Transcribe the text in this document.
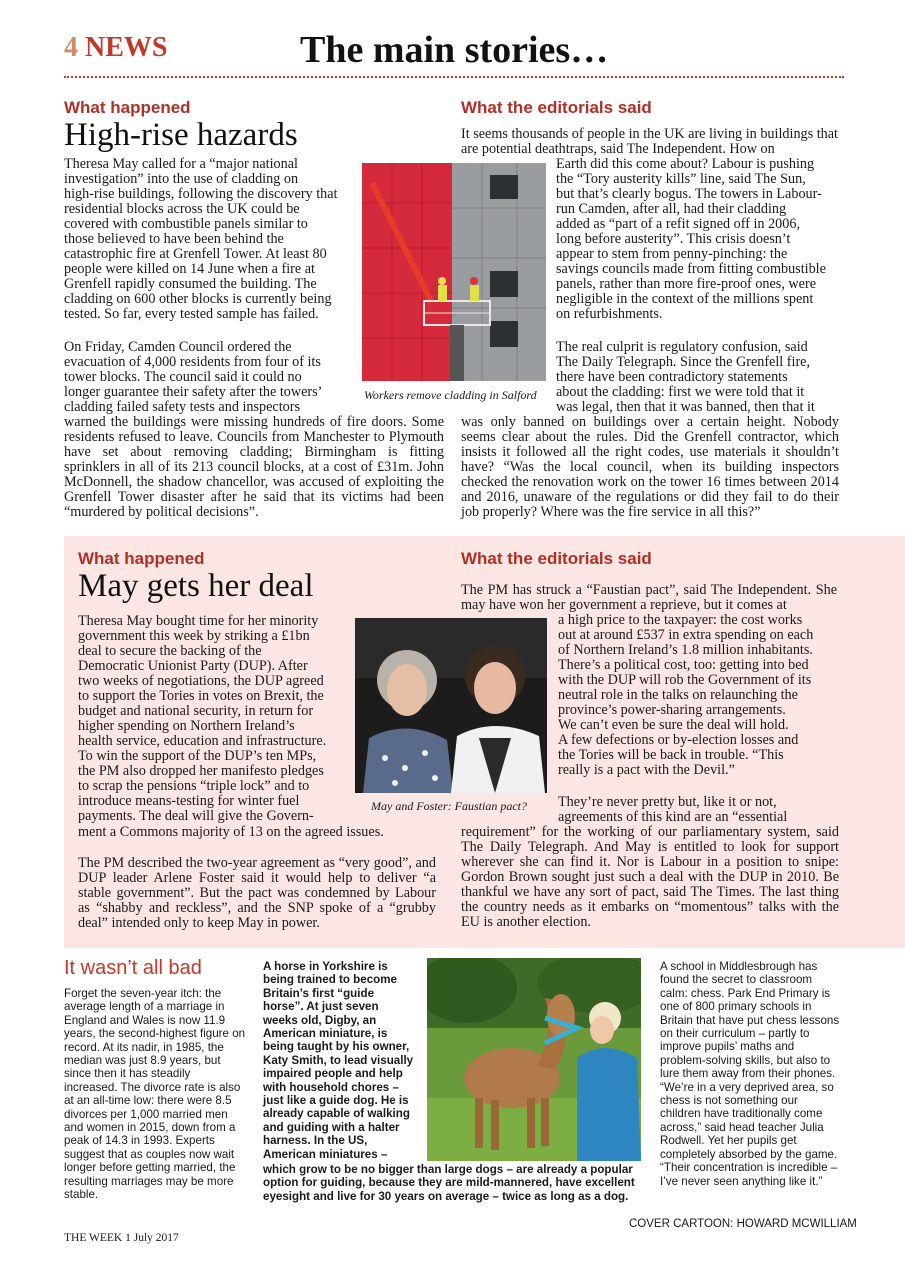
4 NEWS	The main stories…
What happened
High-rise hazards
Theresa May called for a “major national
investigation” into the use of cladding on
high-rise buildings, following the discovery that
residential blocks across the UK could be
covered with combustible panels similar to
those believed to have been behind the
catastrophic fire at Grenfell Tower. At least 80
people were killed on 14 June when a fire at
Grenfell rapidly consumed the building. The
cladding on 600 other blocks is currently being
tested. So far, every tested sample has failed.
On Friday, Camden Council ordered the
evacuation of 4,000 residents from four of its
tower blocks. The council said it could no
longer guarantee their safety after the towers’
cladding failed safety tests and inspectors
warned the buildings were missing hundreds of fire doors. Some residents refused to leave. Councils from Manchester to Plymouth have set about removing cladding; Birmingham is fitting sprinklers in all of its 213 council blocks, at a cost of £31m. John McDonnell, the shadow chancellor, was accused of exploiting the Grenfell Tower disaster after he said that its victims had been “murdered by political decisions”.
Workers remove cladding in Salford
What the editorials said
It seems thousands of people in the UK are living in buildings that are potential deathtraps, said The Independent. How on
Earth did this come about? Labour is pushing
the “Tory austerity kills” line, said The Sun,
but that’s clearly bogus. The towers in Labour-
run Camden, after all, had their cladding
added as “part of a refit signed off in 2006,
long before austerity”. This crisis doesn’t
appear to stem from penny-pinching: the
savings councils made from fitting combustible
panels, rather than more fire-proof ones, were
negligible in the context of the millions spent
on refurbishments.
The real culprit is regulatory confusion, said
The Daily Telegraph. Since the Grenfell fire,
there have been contradictory statements
about the cladding: first we were told that it
was legal, then that it was banned, then that it
was only banned on buildings over a certain height. Nobody seems clear about the rules. Did the Grenfell contractor, which insists it followed all the right codes, use materials it shouldn’t have? “Was the local council, when its building inspectors checked the renovation work on the tower 16 times between 2014 and 2016, unaware of the regulations or did they fail to do their job properly? Where was the fire service in all this?”
What happened
May gets her deal
Theresa May bought time for her minority
government this week by striking a £1bn
deal to secure the backing of the
Democratic Unionist Party (DUP). After
two weeks of negotiations, the DUP agreed
to support the Tories in votes on Brexit, the
budget and national security, in return for
higher spending on Northern Ireland’s
health service, education and infrastructure.
To win the support of the DUP’s ten MPs,
the PM also dropped her manifesto pledges
to scrap the pensions “triple lock” and to
introduce means-testing for winter fuel
payments. The deal will give the Govern-
ment a Commons majority of 13 on the agreed issues.
The PM described the two-year agreement as “very good”, and DUP leader Arlene Foster said it would help to deliver “a stable government”. But the pact was condemned by Labour as “shabby and reckless”, and the SNP spoke of a “grubby deal” intended only to keep May in power.
May and Foster: Faustian pact?
What the editorials said
The PM has struck a “Faustian pact”, said The Independent. She may have won her government a reprieve, but it comes at
a high price to the taxpayer: the cost works
out at around £537 in extra spending on each
of Northern Ireland’s 1.8 million inhabitants.
There’s a political cost, too: getting into bed
with the DUP will rob the Government of its
neutral role in the talks on relaunching the
province’s power-sharing arrangements.
We can’t even be sure the deal will hold.
A few defections or by-election losses and
the Tories will be back in trouble. “This
really is a pact with the Devil.”
They’re never pretty but, like it or not,
agreements of this kind are an “essential
requirement” for the working of our parliamentary system, said The Daily Telegraph. And May is entitled to look for support wherever she can find it. Nor is Labour in a position to snipe: Gordon Brown sought just such a deal with the DUP in 2010. Be thankful we have any sort of pact, said The Times. The last thing the country needs as it embarks on “momentous” talks with the EU is another election.
It wasn’t all bad
Forget the seven-year itch: the average length of a marriage in England and Wales is now 11.9 years, the second-highest figure on record. At its nadir, in 1985, the median was just 8.9 years, but since then it has steadily increased. The divorce rate is also at an all-time low: there were 8.5 divorces per 1,000 married men and women in 2015, down from a peak of 14.3 in 1993. Experts suggest that as couples now wait longer before getting married, the resulting marriages may be more stable.
A horse in Yorkshire is
being trained to become
Britain’s first “guide
horse”. At just seven
weeks old, Digby, an
American miniature, is
being taught by his owner,
Katy Smith, to lead visually
impaired people and help
with household chores –
just like a guide dog. He is
already capable of walking
and guiding with a halter
harness. In the US,
American miniatures –
which grow to be no bigger than large dogs – are already a popular option for guiding, because they are mild-mannered, have excellent eyesight and live for 30 years on average – twice as long as a dog.
A school in Middlesbrough has found the secret to classroom calm: chess. Park End Primary is one of 800 primary schools in Britain that have put chess lessons on their curriculum – partly to improve pupils’ maths and problem-solving skills, but also to lure them away from their phones. “We’re in a very deprived area, so chess is not something our children have traditionally come across,” said head teacher Julia Rodwell. Yet her pupils get completely absorbed by the game. “Their concentration is incredible – I’ve never seen anything like it.”
COVER CARTOON: HOWARD MCWILLIAM
THE WEEK 1 July 2017
